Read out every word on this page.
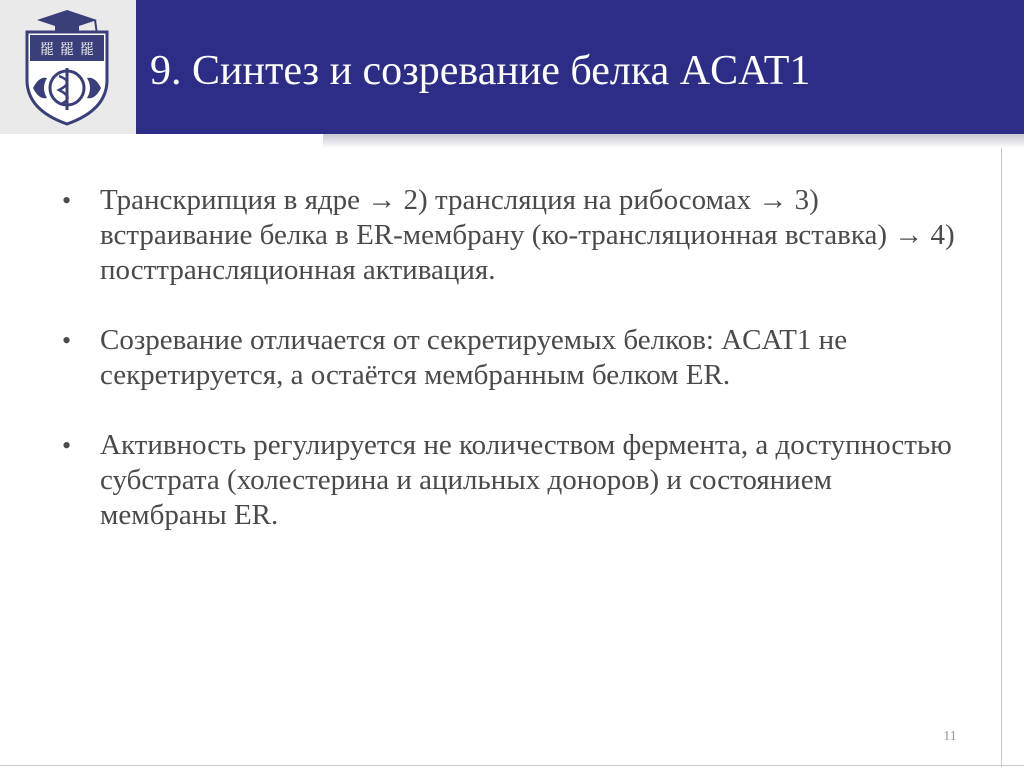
罷 罷 罷 9. Синтез и созревание белка ACAT1
• Транскрипция в ядре → 2) трансляция на рибосомах → 3) встраивание белка в ER-мембрану (ко-трансляционная вставка) → 4) посттрансляционная активация.
• Созревание отличается от секретируемых белков: ACAT1 не секретируется, а остаётся мембранным белком ER.
• Активность регулируется не количеством фермента, а доступностью субстрата (холестерина и ацильных доноров) и состоянием мембраны ER.
11
